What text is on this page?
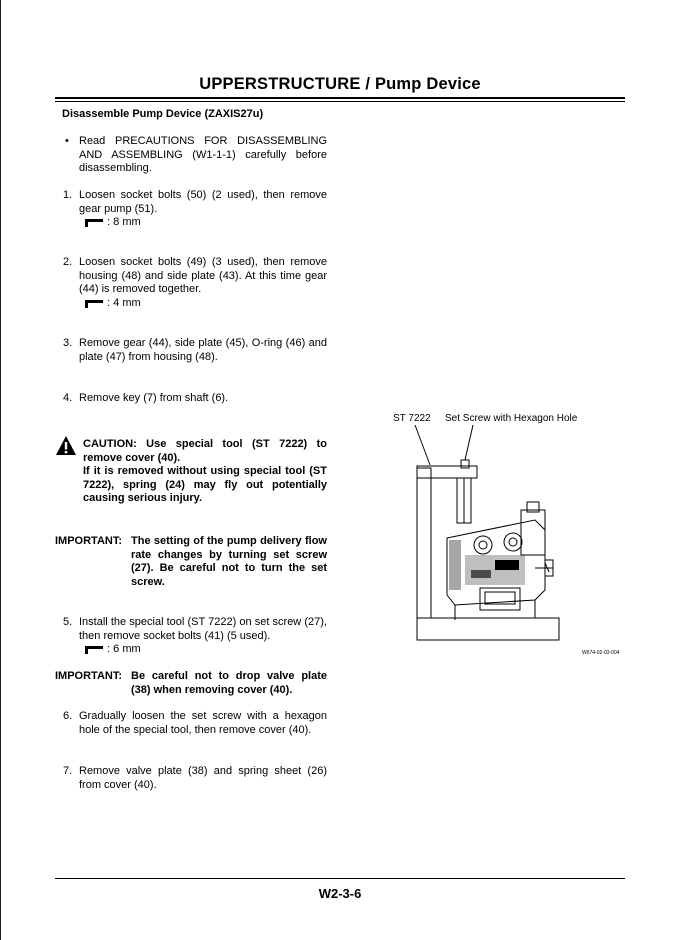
UPPERSTRUCTURE / Pump Device
Disassemble Pump Device (ZAXIS27u)
• Read PRECAUTIONS FOR DISASSEMBLING AND ASSEMBLING (W1-1-1) carefully before disassembling.
1. Loosen socket bolts (50) (2 used), then remove gear pump (51).
: 8 mm
2. Loosen socket bolts (49) (3 used), then remove housing (48) and side plate (43). At this time gear (44) is removed together.
: 4 mm
3. Remove gear (44), side plate (45), O-ring (46) and plate (47) from housing (48).
4. Remove key (7) from shaft (6).
CAUTION: Use special tool (ST 7222) to remove cover (40).
If it is removed without using special tool (ST 7222), spring (24) may fly out potentially causing serious injury.
IMPORTANT: The setting of the pump delivery flow rate changes by turning set screw (27). Be careful not to turn the set screw.
5. Install the special tool (ST 7222) on set screw (27), then remove socket bolts (41) (5 used).
: 6 mm
IMPORTANT: Be careful not to drop valve plate (38) when removing cover (40).
6. Gradually loosen the set screw with a hexagon hole of the special tool, then remove cover (40).
7. Remove valve plate (38) and spring sheet (26) from cover (40).
ST 7222 Set Screw with Hexagon Hole
W674-02-03-004
W2-3-6
